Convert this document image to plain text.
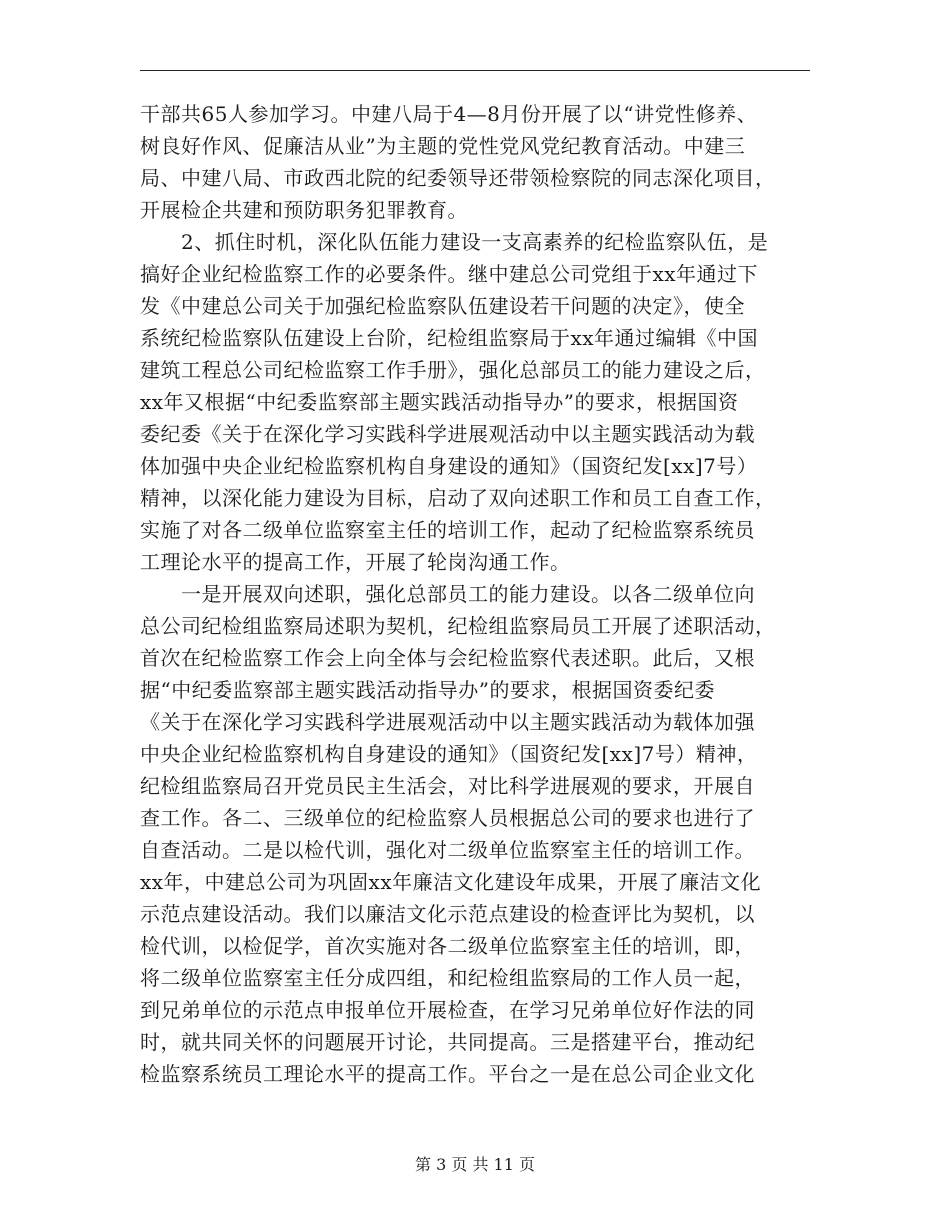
干部共65人参加学习。中建八局于4—8月份开展了以“讲党性修养、
树良好作风、促廉洁从业”为主题的党性党风党纪教育活动。中建三
局、中建八局、市政西北院的纪委领导还带领检察院的同志深化项目，
开展检企共建和预防职务犯罪教育。
　　2、抓住时机，深化队伍能力建设一支高素养的纪检监察队伍，是
搞好企业纪检监察工作的必要条件。继中建总公司党组于xx年通过下
发《中建总公司关于加强纪检监察队伍建设若干问题的决定》，使全
系统纪检监察队伍建设上台阶，纪检组监察局于xx年通过编辑《中国
建筑工程总公司纪检监察工作手册》，强化总部员工的能力建设之后，
xx年又根据“中纪委监察部主题实践活动指导办”的要求，根据国资
委纪委《关于在深化学习实践科学进展观活动中以主题实践活动为载
体加强中央企业纪检监察机构自身建设的通知》（国资纪发[xx]7号）
精神，以深化能力建设为目标，启动了双向述职工作和员工自查工作，
实施了对各二级单位监察室主任的培训工作，起动了纪检监察系统员
工理论水平的提高工作，开展了轮岗沟通工作。
　　一是开展双向述职，强化总部员工的能力建设。以各二级单位向
总公司纪检组监察局述职为契机，纪检组监察局员工开展了述职活动，
首次在纪检监察工作会上向全体与会纪检监察代表述职。此后，又根
据“中纪委监察部主题实践活动指导办”的要求，根据国资委纪委
《关于在深化学习实践科学进展观活动中以主题实践活动为载体加强
中央企业纪检监察机构自身建设的通知》（国资纪发[xx]7号）精神，
纪检组监察局召开党员民主生活会，对比科学进展观的要求，开展自
查工作。各二、三级单位的纪检监察人员根据总公司的要求也进行了
自查活动。二是以检代训，强化对二级单位监察室主任的培训工作。
xx年，中建总公司为巩固xx年廉洁文化建设年成果，开展了廉洁文化
示范点建设活动。我们以廉洁文化示范点建设的检查评比为契机，以
检代训，以检促学，首次实施对各二级单位监察室主任的培训，即，
将二级单位监察室主任分成四组，和纪检组监察局的工作人员一起，
到兄弟单位的示范点申报单位开展检查，在学习兄弟单位好作法的同
时，就共同关怀的问题展开讨论，共同提高。三是搭建平台，推动纪
检监察系统员工理论水平的提高工作。平台之一是在总公司企业文化
第 3 页 共 11 页
